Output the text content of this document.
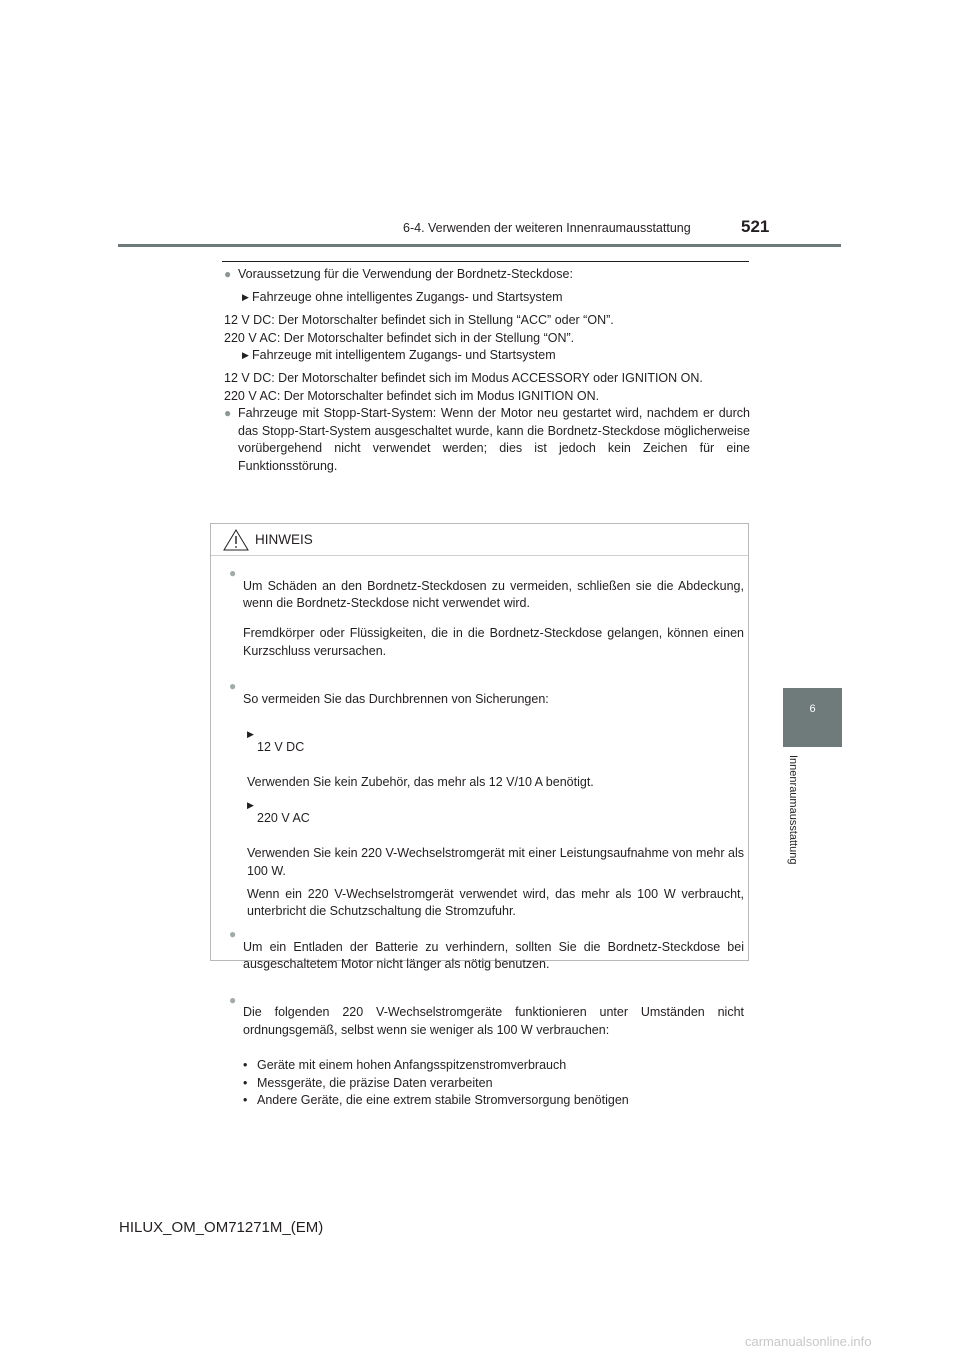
6-4. Verwenden der weiteren Innenraumausstattung	521
6
Innenraumausstattung
● Voraussetzung für die Verwendung der Bordnetz-Steckdose:

▶ Fahrzeuge ohne intelligentes Zugangs- und Startsystem

12 V DC: Der Motorschalter befindet sich in Stellung “ACC” oder “ON”.

220 V AC: Der Motorschalter befindet sich in der Stellung “ON”.

▶ Fahrzeuge mit intelligentem Zugangs- und Startsystem

12 V DC: Der Motorschalter befindet sich im Modus ACCESSORY oder IGNITION ON.

220 V AC: Der Motorschalter befindet sich im Modus IGNITION ON.

● Fahrzeuge mit Stopp-Start-System: Wenn der Motor neu gestartet wird, nachdem er durch das Stopp-Start-System ausgeschaltet wurde, kann die Bordnetz-Steckdose möglicherweise vorübergehend nicht verwendet werden; dies ist jedoch kein Zeichen für eine Funktionsstörung.

HINWEIS
●

Um Schäden an den Bordnetz-Steckdosen zu vermeiden, schließen sie die Abdeckung, wenn die Bordnetz-Steckdose nicht verwendet wird.

Fremdkörper oder Flüssigkeiten, die in die Bordnetz-Steckdose gelangen, können einen Kurzschluss verursachen.

●

So vermeiden Sie das Durchbrennen von Sicherungen:

▶

12 V DC

Verwenden Sie kein Zubehör, das mehr als 12 V/10 A benötigt.

▶

220 V AC

Verwenden Sie kein 220 V-Wechselstromgerät mit einer Leistungsaufnahme von mehr als 100 W.

Wenn ein 220 V-Wechselstromgerät verwendet wird, das mehr als 100 W verbraucht, unterbricht die Schutzschaltung die Stromzufuhr.

●

Um ein Entladen der Batterie zu verhindern, sollten Sie die Bordnetz-Steckdose bei ausgeschaltetem Motor nicht länger als nötig benutzen.

●

Die folgenden 220 V-Wechselstromgeräte funktionieren unter Umständen nicht ordnungsgemäß, selbst wenn sie weniger als 100 W verbrauchen:

• Geräte mit einem hohen Anfangsspitzenstromverbrauch
• Messgeräte, die präzise Daten verarbeiten
• Andere Geräte, die eine extrem stabile Stromversorgung benötigen
HILUX_OM_OM71271M_(EM)
carmanualsonline.info
